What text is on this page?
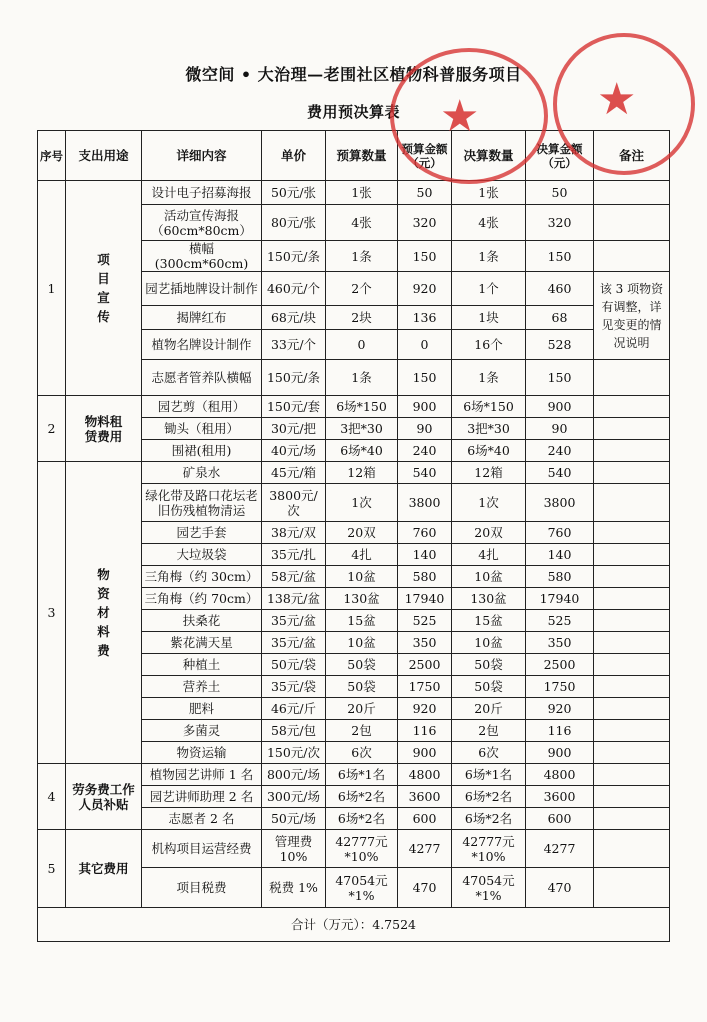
微空间 • 大治理—老围社区植物科普服务项目
费用预决算表
序号	支出用途	详细内容	单价	预算数量	预算金额（元）	决算数量	决算金额（元）	备注
1	项目宣传	设计电子招募海报	50元/张	1张	50	1张	50	
		活动宣传海报（60cm*80cm）	80元/张	4张	320	4张	320	
		横幅(300cm*60cm)	150元/条	1条	150	1条	150	
		园艺插地牌设计制作	460元/个	2个	920	1个	460	该 3 项物资有调整，详见变更的情况说明
		揭牌红布	68元/块	2块	136	1块	68	
		植物名牌设计制作	33元/个	0	0	16个	528	
		志愿者管养队横幅	150元/条	1条	150	1条	150	
2	物料租赁费用	园艺剪（租用）	150元/套	6场*150	900	6场*150	900	
		锄头（租用）	30元/把	3把*30	90	3把*30	90	
		围裙(租用)	40元/场	6场*40	240	6场*40	240	
3	物资材料费	矿泉水	45元/箱	12箱	540	12箱	540	
		绿化带及路口花坛老旧伤残植物清运	3800元/次	1次	3800	1次	3800	
		园艺手套	38元/双	20双	760	20双	760	
		大垃圾袋	35元/扎	4扎	140	4扎	140	
		三角梅（约 30cm）	58元/盆	10盆	580	10盆	580	
		三角梅（约 70cm）	138元/盆	130盆	17940	130盆	17940	
		扶桑花	35元/盆	15盆	525	15盆	525	
		紫花满天星	35元/盆	10盆	350	10盆	350	
		种植土	50元/袋	50袋	2500	50袋	2500	
		营养土	35元/袋	50袋	1750	50袋	1750	
		肥料	46元/斤	20斤	920	20斤	920	
		多菌灵	58元/包	2包	116	2包	116	
		物资运输	150元/次	6次	900	6次	900	
4	劳务费工作人员补贴	植物园艺讲师 1 名	800元/场	6场*1名	4800	6场*1名	4800	
		园艺讲师助理 2 名	300元/场	6场*2名	3600	6场*2名	3600	
		志愿者 2 名	50元/场	6场*2名	600	6场*2名	600	
5	其它费用	机构项目运营经费	管理费10%	42777元*10%	4277	42777元*10%	4277	
		项目税费	税费 1%	47054元*1%	470	47054元*1%	470	
合计（万元）：4.7524								
★	★
